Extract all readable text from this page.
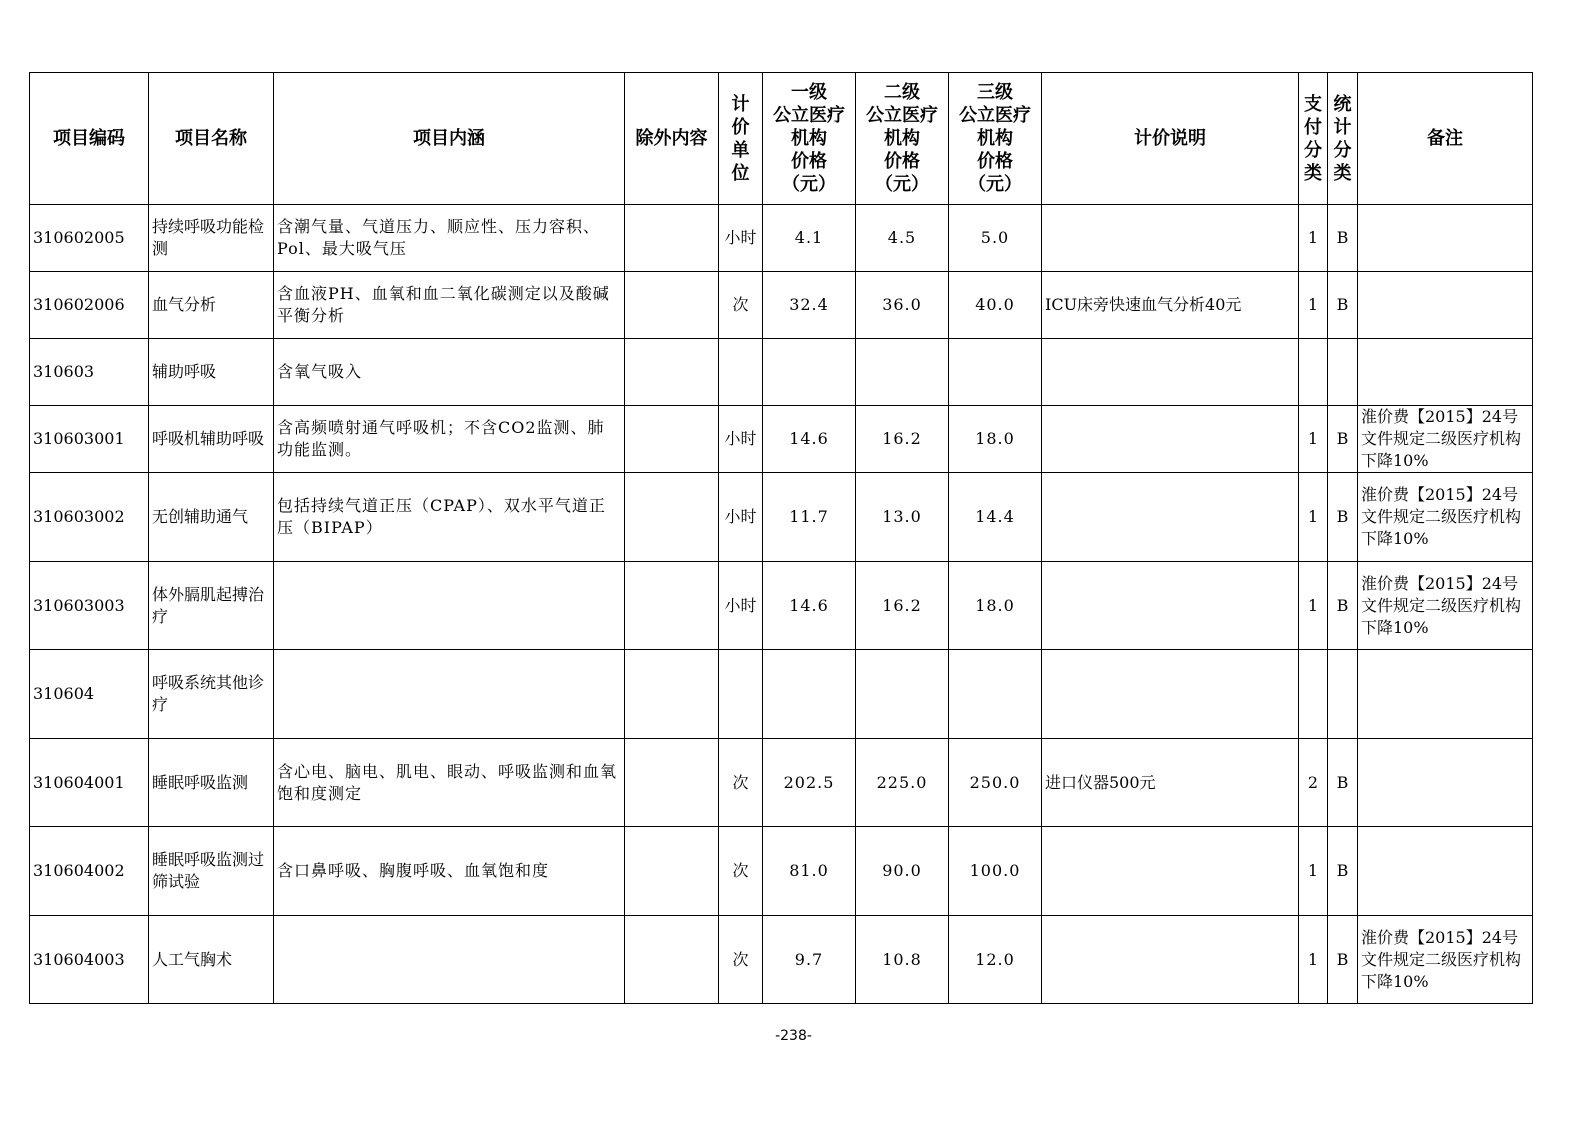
项目编码	项目名称	项目内涵	除外内容	计价单位	一级
公立医疗
机构
价格
（元）	二级
公立医疗
机构
价格
（元）	三级
公立医疗
机构
价格
（元）	计价说明	支付分类	统计分类	备注
310602005	持续呼吸功能检测	含潮气量、气道压力、顺应性、压力容积、Pol、最大吸气压		小时	4.1	4.5	5.0		1	B	
310602006	血气分析	含血液PH、血氧和血二氧化碳测定以及酸碱平衡分析		次	32.4	36.0	40.0	ICU床旁快速血气分析40元	1	B	
310603	辅助呼吸	含氧气吸入									
310603001	呼吸机辅助呼吸	含高频喷射通气呼吸机；不含CO2监测、肺功能监测。		小时	14.6	16.2	18.0		1	B	淮价费【2015】24号文件规定二级医疗机构下降10%
310603002	无创辅助通气	包括持续气道正压（CPAP）、双水平气道正压（BIPAP）		小时	11.7	13.0	14.4		1	B	淮价费【2015】24号文件规定二级医疗机构下降10%
310603003	体外膈肌起搏治疗			小时	14.6	16.2	18.0		1	B	淮价费【2015】24号文件规定二级医疗机构下降10%
310604	呼吸系统其他诊疗										
310604001	睡眠呼吸监测	含心电、脑电、肌电、眼动、呼吸监测和血氧饱和度测定		次	202.5	225.0	250.0	进口仪器500元	2	B	
310604002	睡眠呼吸监测过筛试验	含口鼻呼吸、胸腹呼吸、血氧饱和度		次	81.0	90.0	100.0		1	B	
310604003	人工气胸术			次	9.7	10.8	12.0		1	B	淮价费【2015】24号文件规定二级医疗机构下降10%
-238-
